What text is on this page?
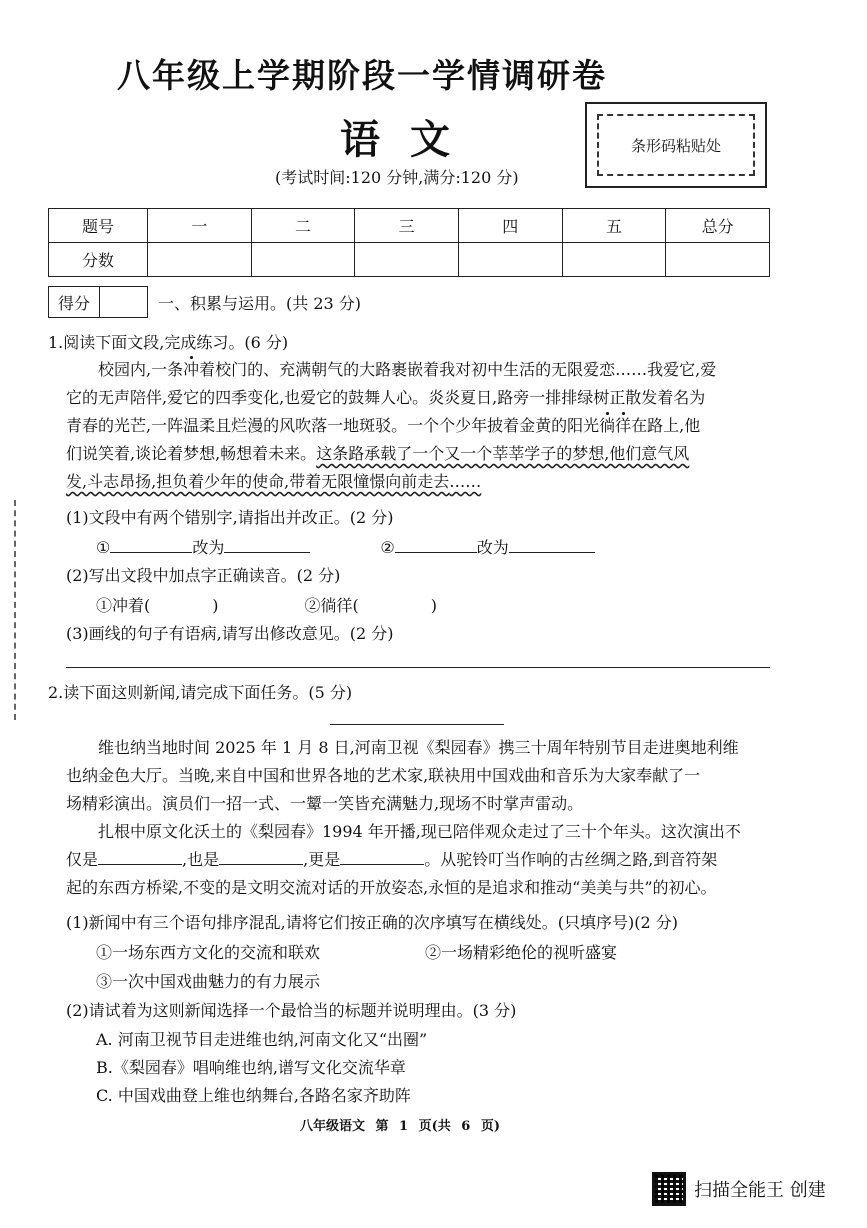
八年级上学期阶段一学情调研卷
语文
(考试时间:120 分钟,满分:120 分)
条形码粘贴处
题号	一	二	三	四	五	总分
分数						
得分	一、积累与运用。(共 23 分)
1.阅读下面文段,完成练习。(6 分)
校园内,一条冲着校门的、充满朝气的大路裹嵌着我对初中生活的无限爱恋……我爱它,爱
它的无声陪伴,爱它的四季变化,也爱它的鼓舞人心。炎炎夏日,路旁一排排绿树正散发着名为
青春的光芒,一阵温柔且烂漫的风吹落一地斑驳。一个个少年披着金黄的阳光徜徉在路上,他
们说笑着,谈论着梦想,畅想着未来。这条路承载了一个又一个莘莘学子的梦想,他们意气风
发,斗志昂扬,担负着少年的使命,带着无限憧憬向前走去……
(1)文段中有两个错别字,请指出并改正。(2 分)
①	改为	②	改为
(2)写出文段中加点字正确读音。(2 分)
①冲着(	)	②徜徉(	)
(3)画线的句子有语病,请写出修改意见。(2 分)
2.读下面这则新闻,请完成下面任务。(5 分)
维也纳当地时间 2025 年 1 月 8 日,河南卫视《梨园春》携三十周年特别节目走进奥地利维
也纳金色大厅。当晚,来自中国和世界各地的艺术家,联袂用中国戏曲和音乐为大家奉献了一
场精彩演出。演员们一招一式、一颦一笑皆充满魅力,现场不时掌声雷动。
扎根中原文化沃土的《梨园春》1994 年开播,现已陪伴观众走过了三十个年头。这次演出不
仅是	,也是	,更是	。从驼铃叮当作响的古丝绸之路,到音符架
起的东西方桥梁,不变的是文明交流对话的开放姿态,永恒的是追求和推动“美美与共”的初心。
(1)新闻中有三个语句排序混乱,请将它们按正确的次序填写在横线处。(只填序号)(2 分)
①一场东西方文化的交流和联欢	②一场精彩绝伦的视听盛宴
③一次中国戏曲魅力的有力展示
(2)请试着为这则新闻选择一个最恰当的标题并说明理由。(3 分)
A. 河南卫视节目走进维也纳,河南文化又“出圈”
B.《梨园春》唱响维也纳,谱写文化交流华章
C. 中国戏曲登上维也纳舞台,各路名家齐助阵
八年级语文 第 1 页(共 6 页)
扫描全能王 创建
